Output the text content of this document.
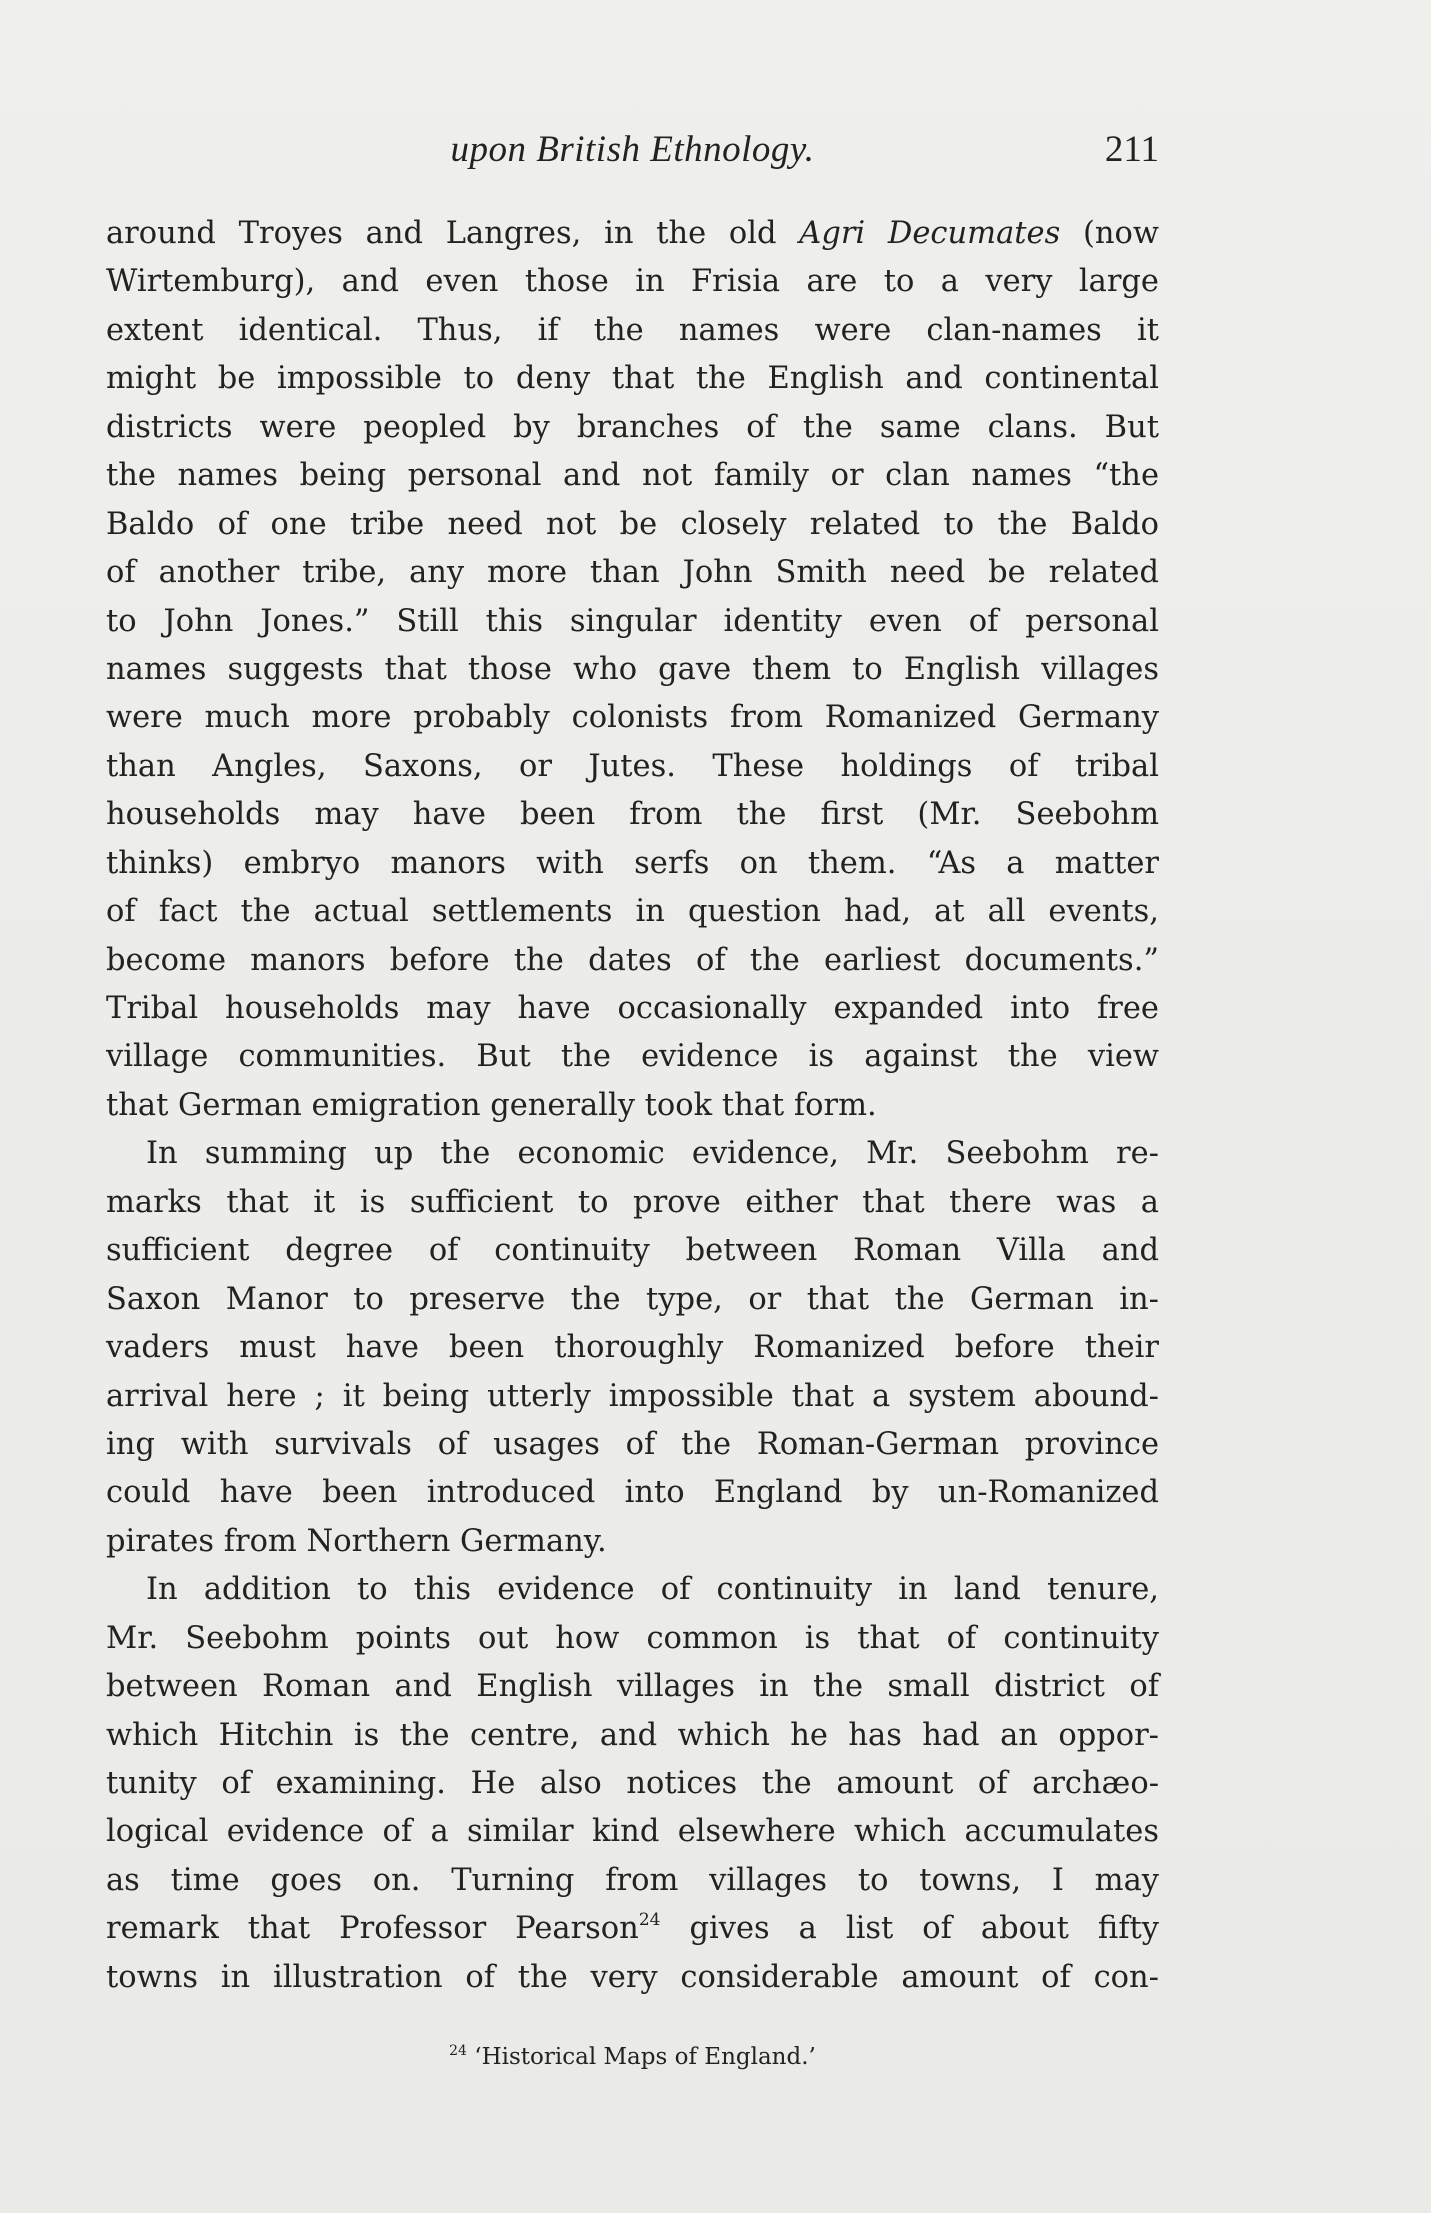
upon British Ethnology.	211
around Troyes and Langres, in the old Agri Decumates (now
Wirtemburg), and even those in Frisia are to a very large
extent identical. Thus, if the names were clan-names it
might be impossible to deny that the English and continental
districts were peopled by branches of the same clans. But
the names being personal and not family or clan names “the
Baldo of one tribe need not be closely related to the Baldo
of another tribe, any more than John Smith need be related
to John Jones.” Still this singular identity even of personal
names suggests that those who gave them to English villages
were much more probably colonists from Romanized Germany
than Angles, Saxons, or Jutes. These holdings of tribal
households may have been from the first (Mr. Seebohm
thinks) embryo manors with serfs on them. “As a matter
of fact the actual settlements in question had, at all events,
become manors before the dates of the earliest documents.”
Tribal households may have occasionally expanded into free
village communities. But the evidence is against the view
that German emigration generally took that form.
In summing up the economic evidence, Mr. Seebohm re-
marks that it is sufficient to prove either that there was a
sufficient degree of continuity between Roman Villa and
Saxon Manor to preserve the type, or that the German in-
vaders must have been thoroughly Romanized before their
arrival here ; it being utterly impossible that a system abound-
ing with survivals of usages of the Roman-German province
could have been introduced into England by un-Romanized
pirates from Northern Germany.
In addition to this evidence of continuity in land tenure,
Mr. Seebohm points out how common is that of continuity
between Roman and English villages in the small district of
which Hitchin is the centre, and which he has had an oppor-
tunity of examining. He also notices the amount of archæo-
logical evidence of a similar kind elsewhere which accumulates
as time goes on. Turning from villages to towns, I may
remark that Professor Pearson$^{24}$ gives a list of about fifty
towns in illustration of the very considerable amount of con-
$^{24}$ ‘Historical Maps of England.’
